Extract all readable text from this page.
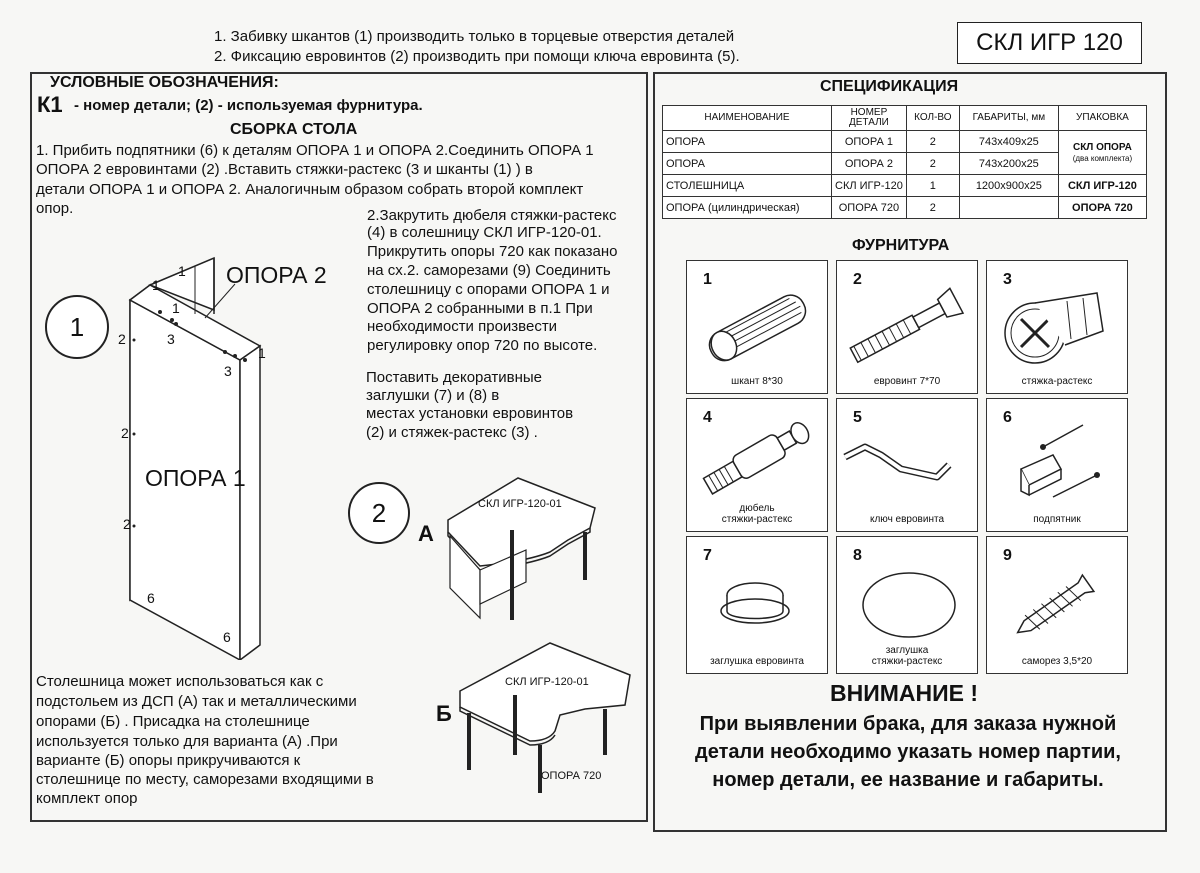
1. Забивку шкантов (1) производить только в торцевые отверстия деталей
2. Фиксацию евровинтов (2) производить при помощи ключа евровинта (5).
СКЛ ИГР 120
УСЛОВНЫЕ ОБОЗНАЧЕНИЯ:
К1 - номер детали; (2) - используемая фурнитура.
СБОРКА СТОЛА
1. Прибить подпятники (6) к деталям ОПОРА 1 и ОПОРА 2.Соединить ОПОРА 1
ОПОРА 2 евровинтами (2) .Вставить стяжки-растекс (3 и шканты (1) ) в
детали ОПОРА 1 и ОПОРА 2. Аналогичным образом собрать второй комплект
опор.	2.Закрутить дюбеля стяжки-растекс
(4) в солешницу СКЛ ИГР-120-01.
Прикрутить опоры 720 как показано
на сх.2. саморезами (9) Соединить
столешницу с опорами ОПОРА 1 и
ОПОРА 2 собранными в п.1 При
необходимости произвести
регулировку опор 720 по высоте.
Поставить декоративные
заглушки (7) и (8) в
местах установки евровинтов
(2) и стяжек-растекс (3) .
1
ОПОРА 2
ОПОРА 1
1
1
1
1
2
2
2
3
3
6
6
2
А
Б
СКЛ ИГР-120-01
СКЛ ИГР-120-01
ОПОРА 720
Столешница может использоваться как с
подстольем из ДСП (А) так и металлическими
опорами (Б) . Присадка на столешнице
используется только для варианта (А) .При
варианте (Б) опоры прикручиваются к
столешнице по месту, саморезами входящими в
комплект опор
СПЕЦИФИКАЦИЯ
НАИМЕНОВАНИЕ	НОМЕР
ДЕТАЛИ	КОЛ-ВО	ГАБАРИТЫ, мм	УПАКОВКА
ОПОРА	ОПОРА 1	2	743х409х25	СКЛ ОПОРА
(два комплекта)

ОПОРА	ОПОРА 2	2	743х200х25	
СТОЛЕШНИЦА	СКЛ ИГР-120	1	1200х900х25	СКЛ ИГР-120
ОПОРА (цилиндрическая)	ОПОРА 720	2		ОПОРА 720
ФУРНИТУРА
1
шкант 8*30
2
евровинт 7*70
3
стяжка-растекс
4
дюбель
стяжки-растекс
5
ключ евровинта
6
подпятник
7
заглушка евровинта
8
заглушка
стяжки-растекс
9
саморез 3,5*20
ВНИМАНИЕ !
При выявлении брака, для заказа нужной
детали необходимо указать номер партии,
номер детали, ее название и габариты.
